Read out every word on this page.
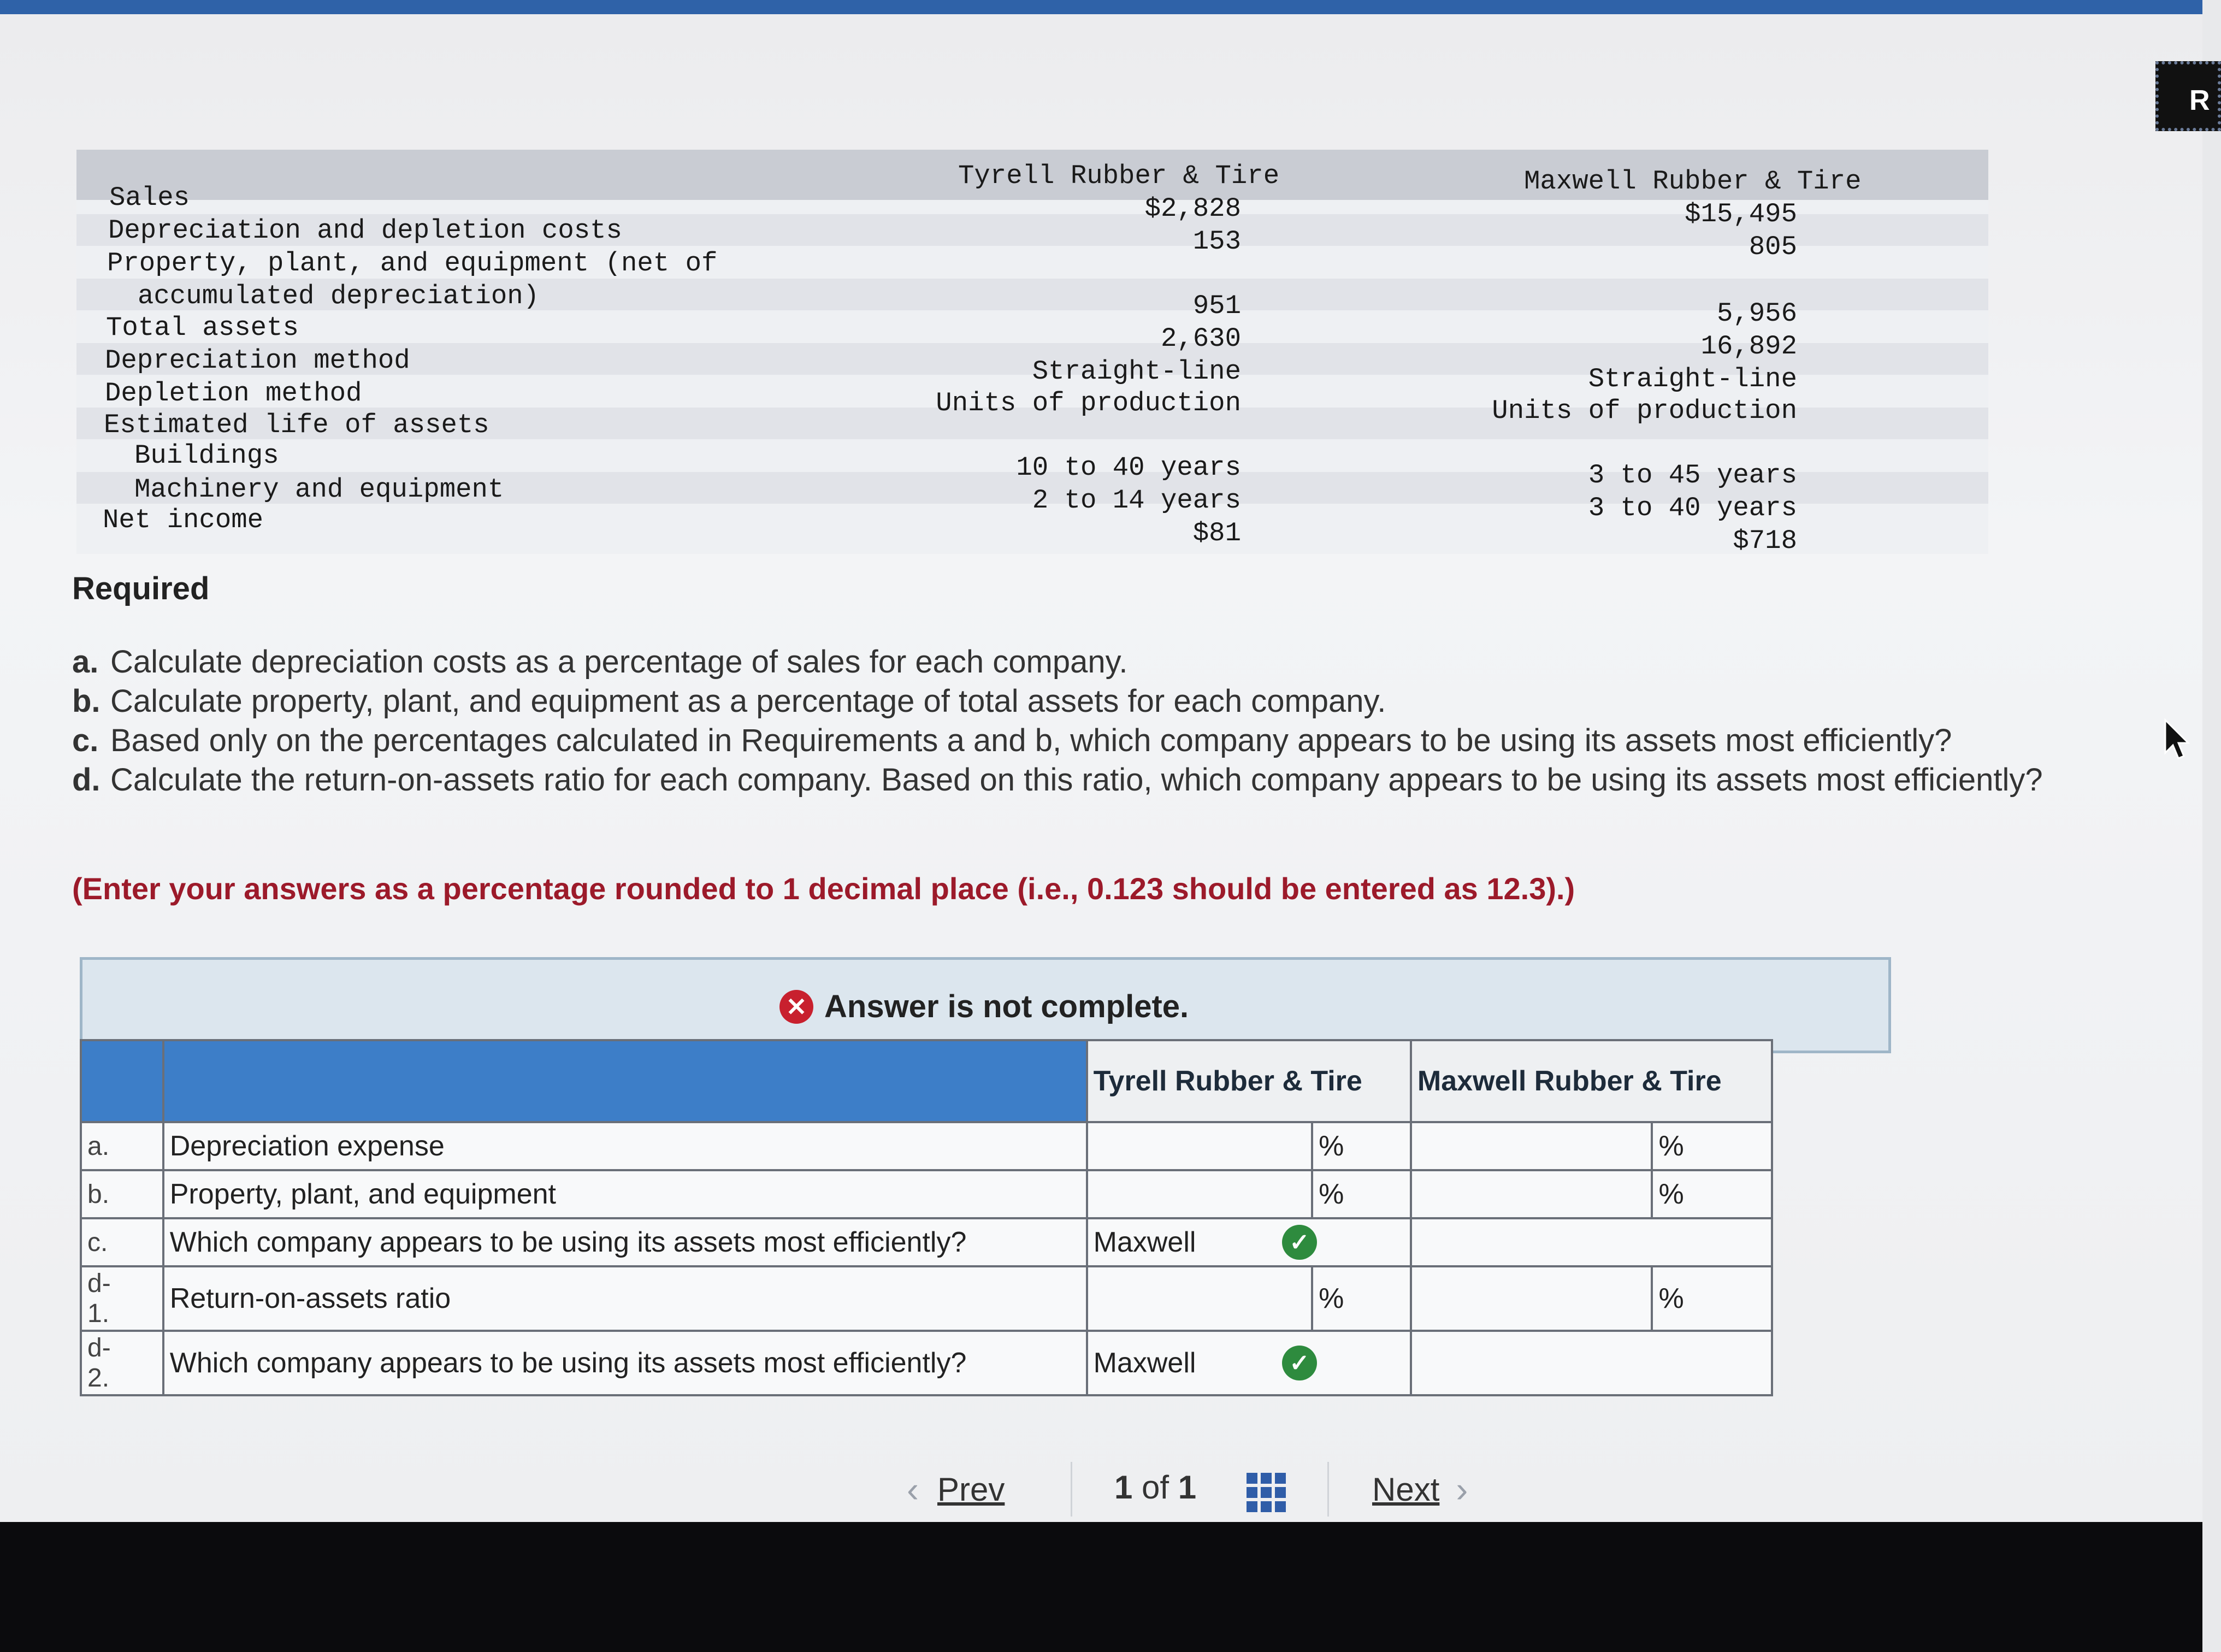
R
Tyrell Rubber & Tire	Maxwell Rubber & Tire
Sales	$2,828	$15,495
Depreciation and depletion costs	153	805
Property, plant, and equipment (net of
accumulated depreciation)	951	5,956
Total assets	2,630	16,892
Depreciation method	Straight-line	Straight-line
Depletion method	Units of production	Units of production
Estimated life of assets
Buildings	10 to 40 years	3 to 45 years
Machinery and equipment	2 to 14 years	3 to 40 years
Net income	$81	$718
Required
a. Calculate depreciation costs as a percentage of sales for each company.
b. Calculate property, plant, and equipment as a percentage of total assets for each company.
c. Based only on the percentages calculated in Requirements a and b, which company appears to be using its assets most efficiently?
d. Calculate the return-on-assets ratio for each company. Based on this ratio, which company appears to be using its assets most efficiently?
(Enter your answers as a percentage rounded to 1 decimal place (i.e., 0.123 should be entered as 12.3).)
✕ Answer is not complete.
		Tyrell Rubber & Tire		Maxwell Rubber & Tire	
a.	Depreciation expense		%		%
b.	Property, plant, and equipment		%		%
c.	Which company appears to be using its assets most efficiently?	Maxwell ✓			

d-
1.	Return-on-assets ratio		%		%
d-
2.	Which company appears to be using its assets most efficiently?	Maxwell ✓			

‹ Prev	1 of 1	Next ›
